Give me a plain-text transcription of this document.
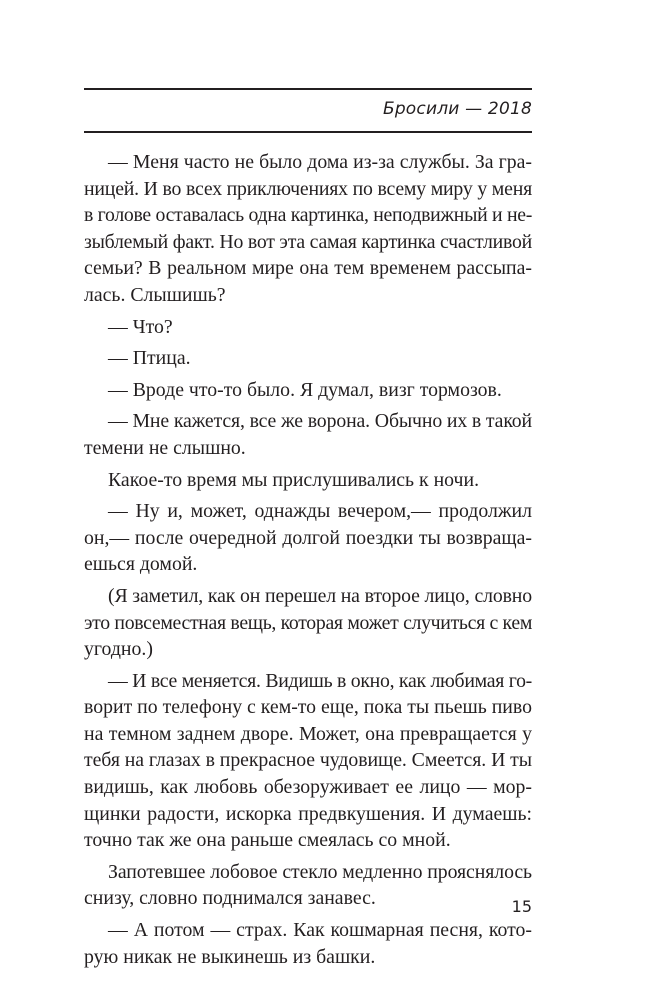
Бросили — 2018
— Меня часто не было дома из-за службы. За гра-
ницей. И во всех приключениях по всему миру у меня
в голове оставалась одна картинка, неподвижный и не-
зыблемый факт. Но вот эта самая картинка счастливой
семьи? В реальном мире она тем временем рассыпа-
лась. Слышишь?
— Что?
— Птица.
— Вроде что-то было. Я думал, визг тормозов.
— Мне кажется, все же ворона. Обычно их в такой
темени не слышно.
Какое-то время мы прислушивались к ночи.
— Ну и, может, однажды вечером,— продолжил
он,— после очередной долгой поездки ты возвраща-
ешься домой.
(Я заметил, как он перешел на второе лицо, словно
это повсеместная вещь, которая может случиться с кем
угодно.)
— И все меняется. Видишь в окно, как любимая го-
ворит по телефону с кем-то еще, пока ты пьешь пиво
на темном заднем дворе. Может, она превращается у
тебя на глазах в прекрасное чудовище. Смеется. И ты
видишь, как любовь обезоруживает ее лицо — мор-
щинки радости, искорка предвкушения. И думаешь:
точно так же она раньше смеялась со мной.
Запотевшее лобовое стекло медленно прояснялось
снизу, словно поднимался занавес.
— А потом — страх. Как кошмарная песня, кото-
рую никак не выкинешь из башки.
15
